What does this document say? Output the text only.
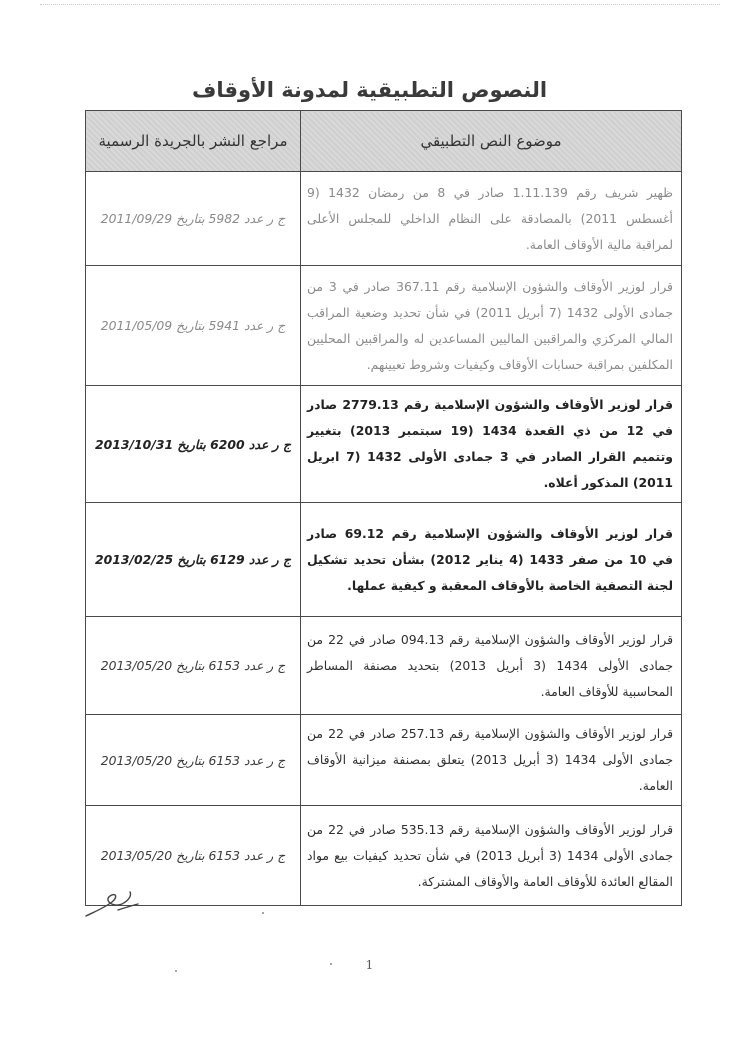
النصوص التطبيقية لمدونة الأوقاف
موضوع النص التطبيقي	مراجع النشر بالجريدة الرسمية
ظهير شريف رقم 1.11.139 صادر في 8 من رمضان 1432 (9 أغسطس 2011) بالمصادقة على النظام الداخلي للمجلس الأعلى لمراقبة مالية الأوقاف العامة.	ج ر عدد 5982 بتاريخ 2011/09/29
قرار لوزير الأوقاف والشؤون الإسلامية رقم 367.11 صادر في 3 من جمادى الأولى 1432 (7 أبريل 2011) في شأن تحديد وضعية المراقب المالي المركزي والمراقبين الماليين المساعدين له والمراقبين المحليين المكلفين بمراقبة حسابات الأوقاف وكيفيات وشروط تعيينهم.	ج ر عدد 5941 بتاريخ 2011/05/09
قرار لوزير الأوقاف والشؤون الإسلامية رقم 2779.13 صادر في 12 من ذي القعدة 1434 (19 سبتمبر 2013) بتغيير وتتميم القرار الصادر في 3 جمادى الأولى 1432 (7 ابريل 2011) المذكور أعلاه.	ج ر عدد 6200 بتاريخ 2013/10/31
قرار لوزير الأوقاف والشؤون الإسلامية رقم 69.12 صادر في 10 من صفر 1433 (4 يناير 2012) بشأن تحديد تشكيل لجنة التصفية الخاصة بالأوقاف المعقبة و كيفية عملها.	ج ر عدد 6129 بتاريخ 2013/02/25
قرار لوزير الأوقاف والشؤون الإسلامية رقم 094.13 صادر في 22 من جمادى الأولى 1434 (3 أبريل 2013) بتحديد مصنفة المساطر المحاسبية للأوقاف العامة.	ج ر عدد 6153 بتاريخ 2013/05/20
قرار لوزير الأوقاف والشؤون الإسلامية رقم 257.13 صادر في 22 من جمادى الأولى 1434 (3 أبريل 2013) يتعلق بمصنفة ميزانية الأوقاف العامة.	ج ر عدد 6153 بتاريخ 2013/05/20
قرار لوزير الأوقاف والشؤون الإسلامية رقم 535.13 صادر في 22 من جمادى الأولى 1434 (3 أبريل 2013) في شأن تحديد كيفيات بيع مواد المقالع العائدة للأوقاف العامة والأوقاف المشتركة.	ج ر عدد 6153 بتاريخ 2013/05/20
1
